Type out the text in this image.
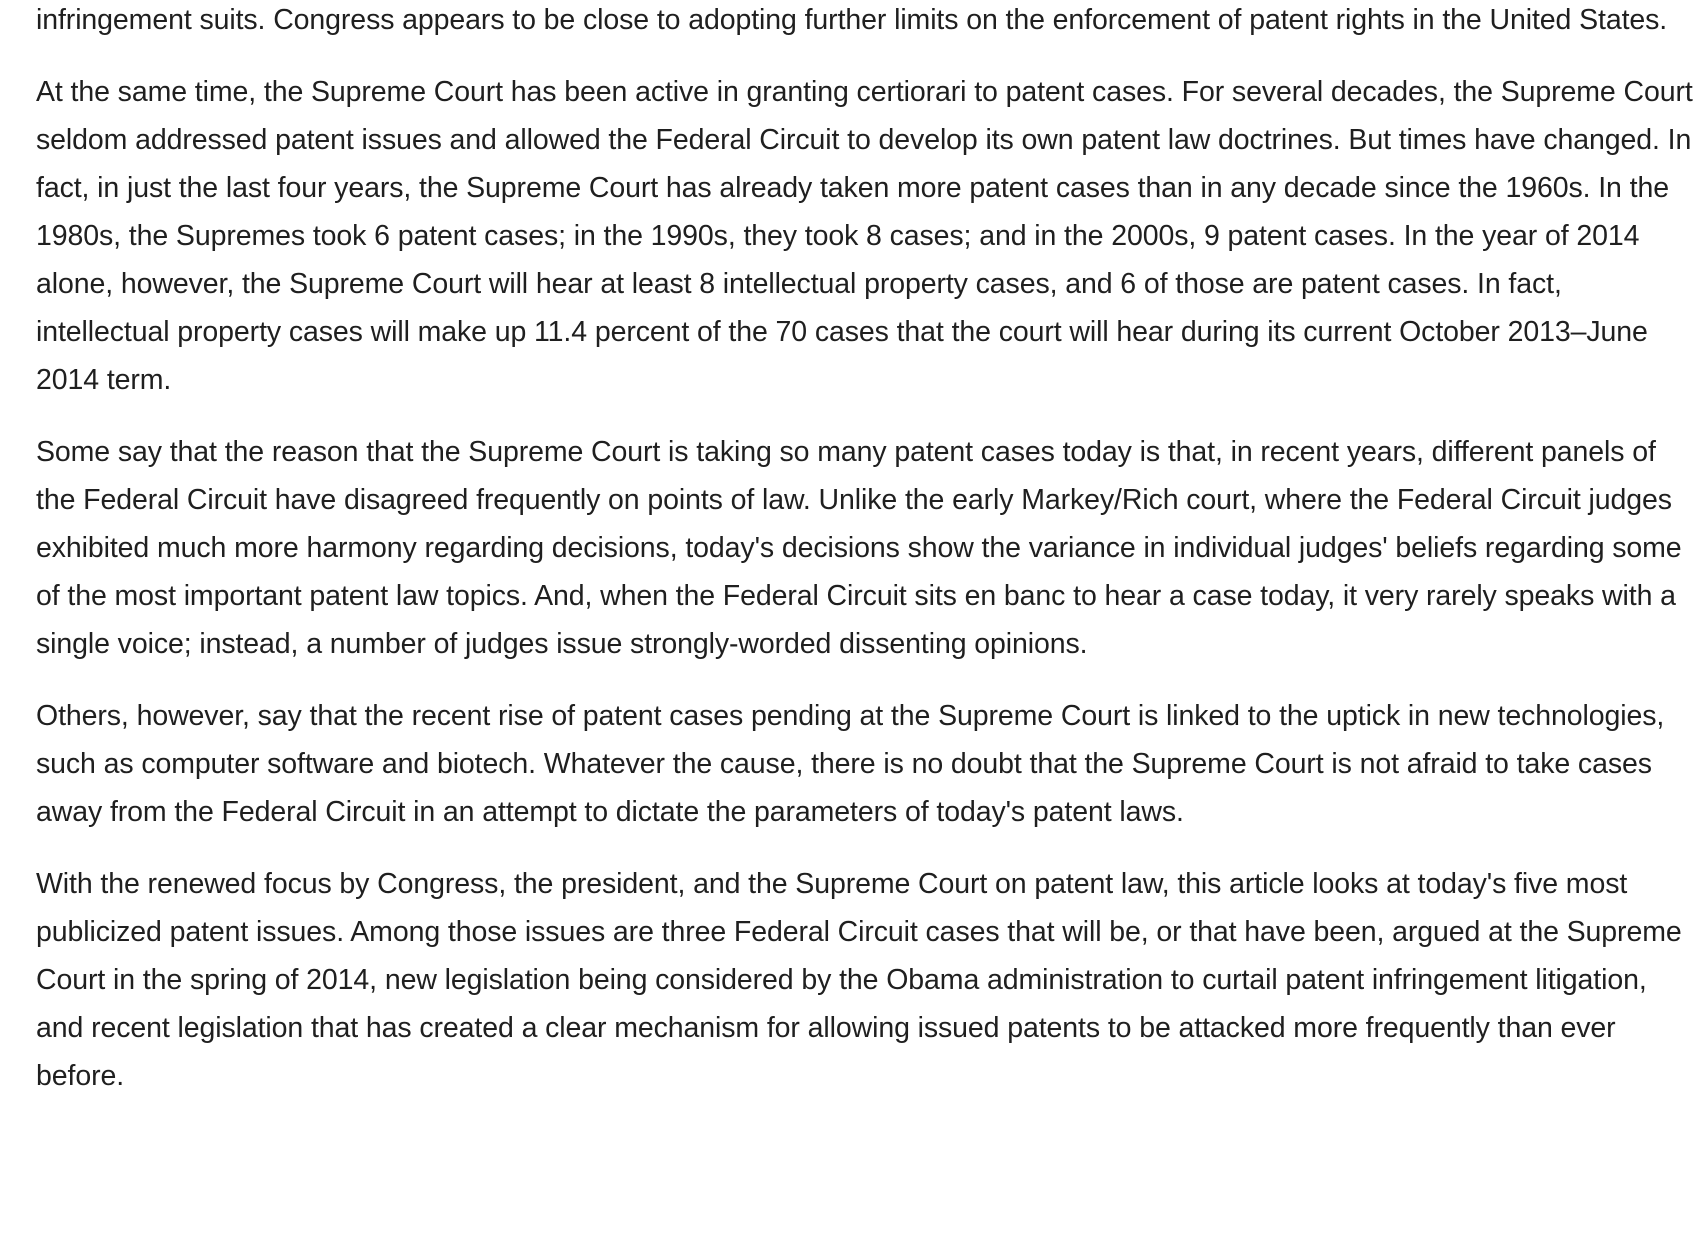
infringement suits. Congress appears to be close to adopting further limits on the enforcement of patent rights in the United States.

At the same time, the Supreme Court has been active in granting certiorari to patent cases. For several decades, the Supreme Court seldom addressed patent issues and allowed the Federal Circuit to develop its own patent law doctrines. But times have changed. In fact, in just the last four years, the Supreme Court has already taken more patent cases than in any decade since the 1960s. In the 1980s, the Supremes took 6 patent cases; in the 1990s, they took 8 cases; and in the 2000s, 9 patent cases. In the year of 2014 alone, however, the Supreme Court will hear at least 8 intellectual property cases, and 6 of those are patent cases. In fact, intellectual property cases will make up 11.4 percent of the 70 cases that the court will hear during its current October 2013–June 2014 term.

Some say that the reason that the Supreme Court is taking so many patent cases today is that, in recent years, different panels of the Federal Circuit have disagreed frequently on points of law. Unlike the early Markey/Rich court, where the Federal Circuit judges exhibited much more harmony regarding decisions, today's decisions show the variance in individual judges' beliefs regarding some of the most important patent law topics. And, when the Federal Circuit sits en banc to hear a case today, it very rarely speaks with a single voice; instead, a number of judges issue strongly-worded dissenting opinions.

Others, however, say that the recent rise of patent cases pending at the Supreme Court is linked to the uptick in new technologies, such as computer software and biotech. Whatever the cause, there is no doubt that the Supreme Court is not afraid to take cases away from the Federal Circuit in an attempt to dictate the parameters of today's patent laws.

With the renewed focus by Congress, the president, and the Supreme Court on patent law, this article looks at today's five most publicized patent issues. Among those issues are three Federal Circuit cases that will be, or that have been, argued at the Supreme Court in the spring of 2014, new legislation being considered by the Obama administration to curtail patent infringement litigation, and recent legislation that has created a clear mechanism for allowing issued patents to be attacked more frequently than ever before.
